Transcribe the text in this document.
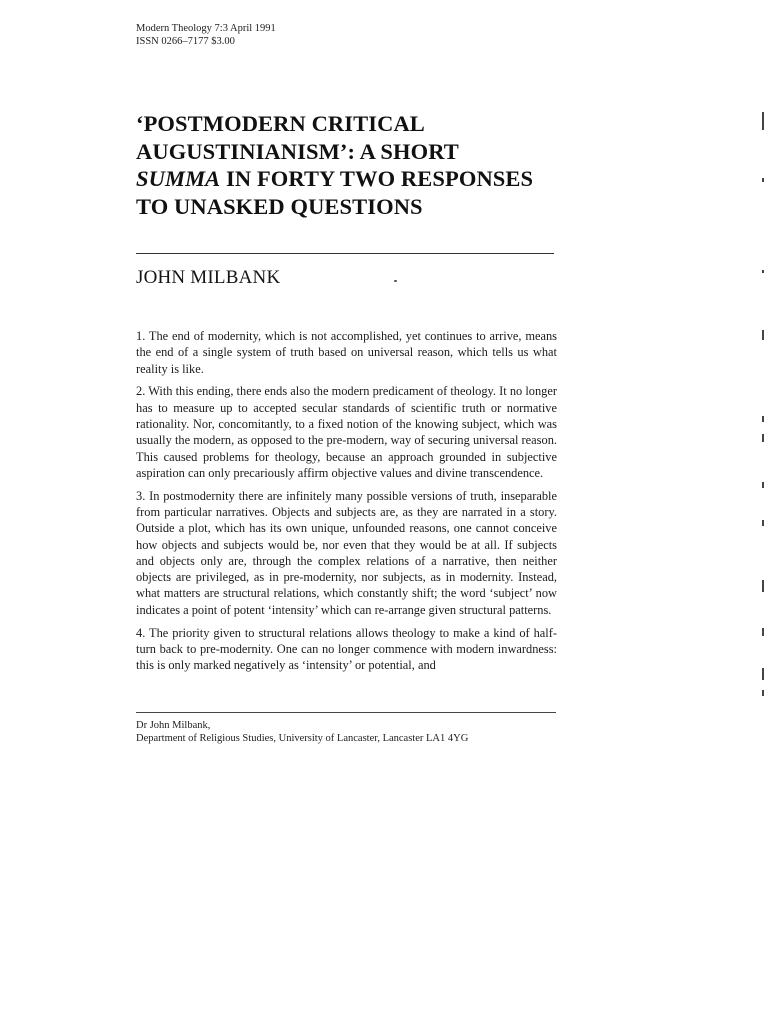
Modern Theology 7:3 April 1991
ISSN 0266–7177 $3.00
‘POSTMODERN CRITICAL
AUGUSTINIANISM’: A SHORT
SUMMA IN FORTY TWO RESPONSES
TO UNASKED QUESTIONS
JOHN MILBANK

1. The end of modernity, which is not accomplished, yet continues to arrive, means the end of a single system of truth based on universal reason, which tells us what reality is like.

2. With this ending, there ends also the modern predicament of theology. It no longer has to measure up to accepted secular standards of scientific truth or normative rationality. Nor, concomitantly, to a fixed notion of the knowing subject, which was usually the modern, as opposed to the pre-modern, way of securing universal reason. This caused problems for theology, because an approach grounded in subjective aspiration can only precariously affirm objective values and divine transcendence.

3. In postmodernity there are infinitely many possible versions of truth, inseparable from particular narratives. Objects and subjects are, as they are narrated in a story. Outside a plot, which has its own unique, unfounded reasons, one cannot conceive how objects and subjects would be, nor even that they would be at all. If subjects and objects only are, through the complex relations of a narrative, then neither objects are privileged, as in pre-modernity, nor subjects, as in modernity. Instead, what matters are structural relations, which constantly shift; the word ‘subject’ now indicates a point of potent ‘intensity’ which can re-arrange given structural patterns.

4. The priority given to structural relations allows theology to make a kind of half-turn back to pre-modernity. One can no longer commence with modern inwardness: this is only marked negatively as ‘intensity’ or potential, and

Dr John Milbank,
Department of Religious Studies, University of Lancaster, Lancaster LA1 4YG
